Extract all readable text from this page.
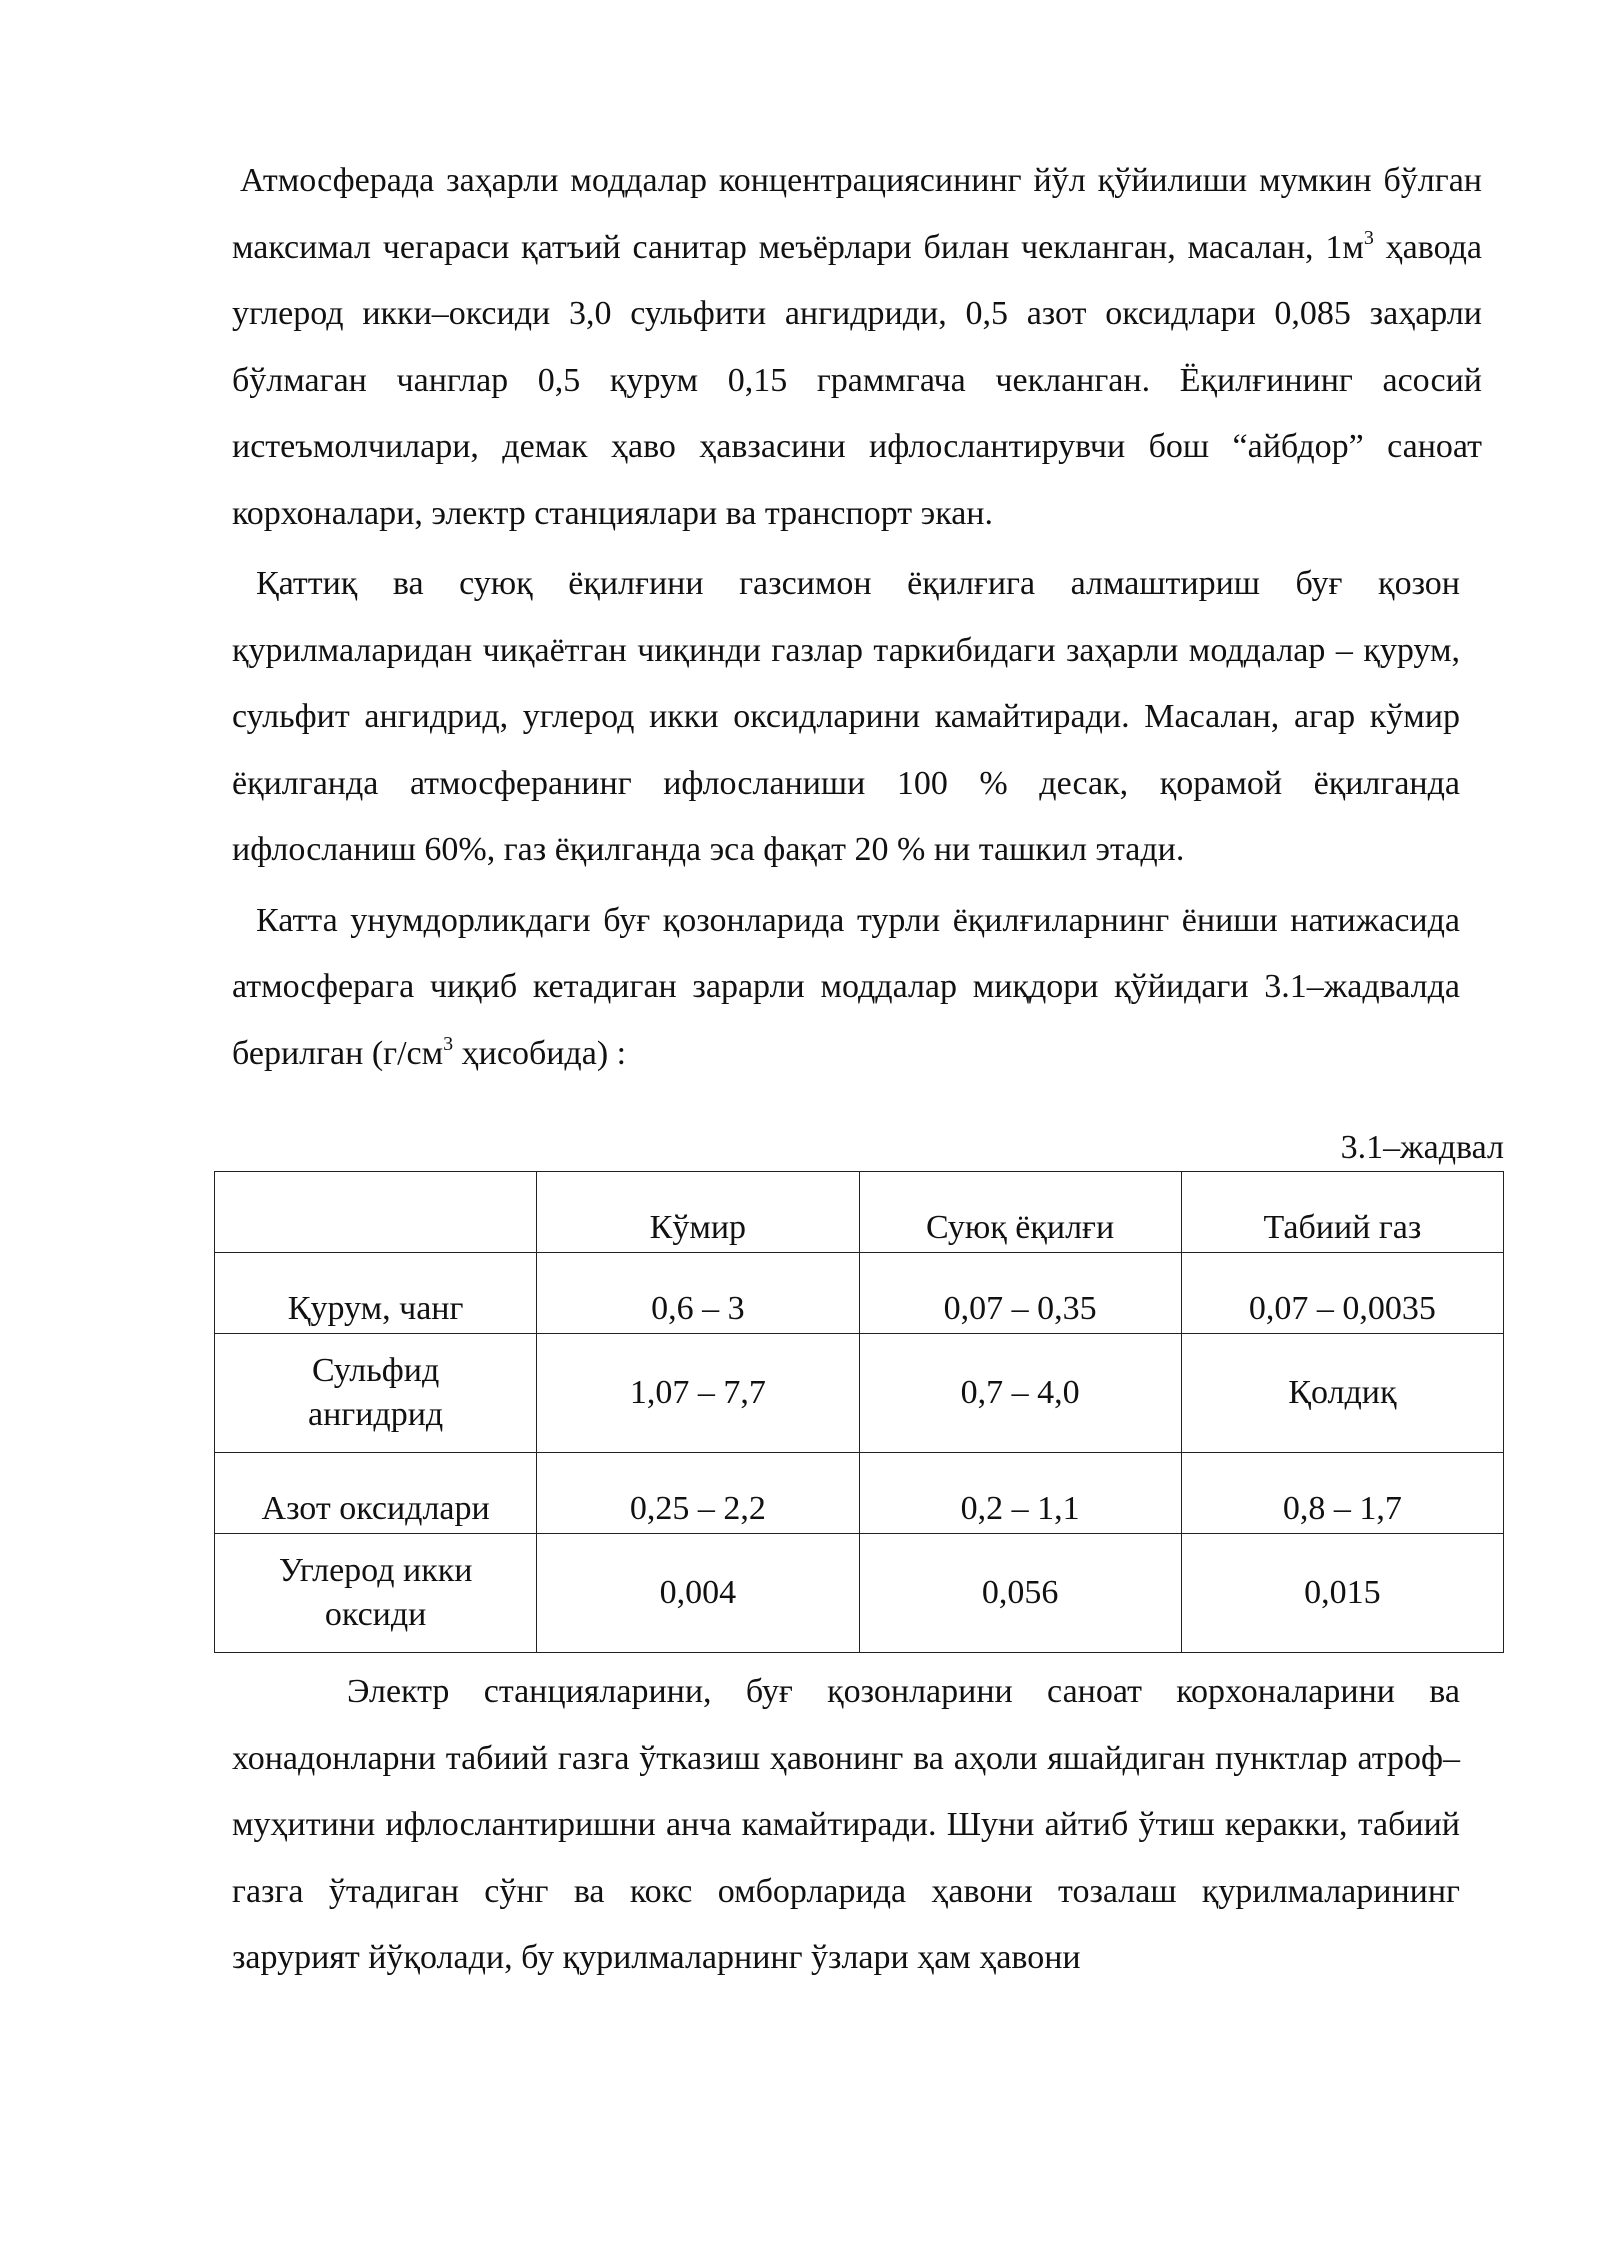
Атмосферада заҳарли моддалар концентрациясининг йўл қўйилиши мумкин бўлган максимал чегараси қатъий санитар меъёрлари билан чекланган, масалан, $1м^3$ ҳавода углерод икки–оксиди 3,0 сульфити ангидриди, 0,5 азот оксидлари 0,085 заҳарли бўлмаган чанглар 0,5 қурум 0,15 граммгача чекланган. Ёқилғининг асосий истеъмолчилари, демак ҳаво ҳавзасини ифлослантирувчи бош “айбдор” саноат корхоналари, электр станциялари ва транспорт экан.

Қаттиқ ва суюқ ёқилғини газсимон ёқилғига алмаштириш буғ қозон қурилмаларидан чиқаётган чиқинди газлар таркибидаги заҳарли моддалар – қурум, сульфит ангидрид, углерод икки оксидларини камайтиради. Масалан, агар кўмир ёқилганда атмосферанинг ифлосланиши 100 % десак, қорамой ёқилганда ифлосланиш 60%, газ ёқилганда эса фақат 20 % ни ташкил этади.

Катта унумдорликдаги буғ қозонларида турли ёқилғиларнинг ёниши натижасида атмосферага чиқиб кетадиган зарарли моддалар миқдори қўйидаги 3.1–жадвалда берилган ($г/см^3$ ҳисобида) :

3.1–жадвал
	Кўмир	Суюқ ёқилғи	Табиий газ
Қурум, чанг	0,6 – 3	0,07 – 0,35	0,07 – 0,0035
Сульфид ангидрид	1,07 – 7,7	0,7 – 4,0	Қолдиқ
Азот оксидлари	0,25 – 2,2	0,2 – 1,1	0,8 – 1,7
Углерод икки оксиди	0,004	0,056	0,015

Электр станцияларини, буғ қозонларини саноат корхоналарини ва хонадонларни табиий газга ўтказиш ҳавонинг ва аҳоли яшайдиган пунктлар атроф–муҳитини ифлослантиришни анча камайтиради. Шуни айтиб ўтиш керакки, табиий газга ўтадиган сўнг ва кокс омборларида ҳавони тозалаш қурилмаларининг зарурият йўқолади, бу қурилмаларнинг ўзлари ҳам ҳавони
